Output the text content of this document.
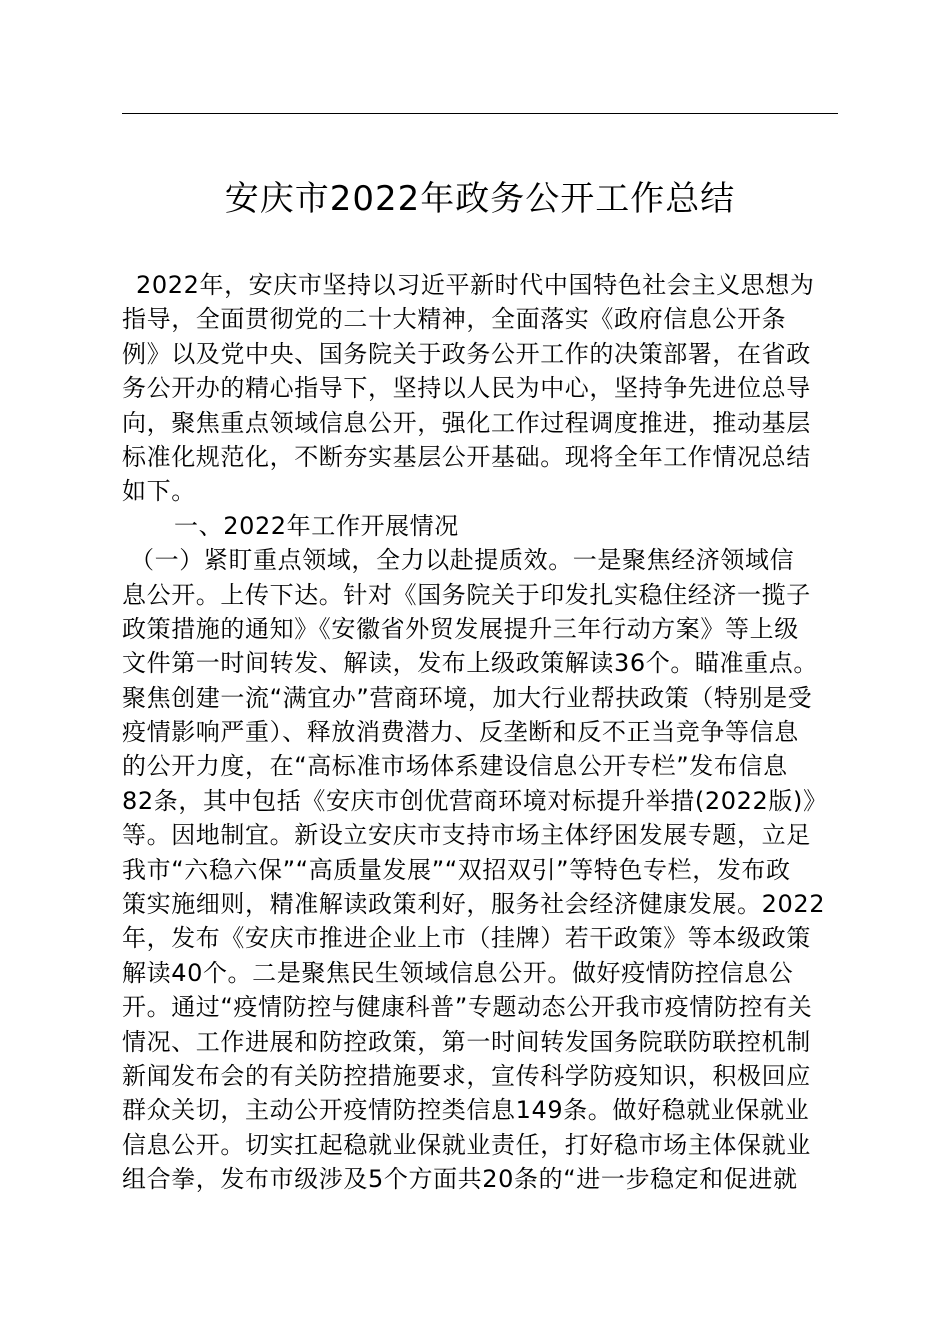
安庆市2022年政务公开工作总结
2022年，安庆市坚持以习近平新时代中国特色社会主义思想为
指导，全面贯彻党的二十大精神，全面落实《政府信息公开条
例》以及党中央、国务院关于政务公开工作的决策部署，在省政
务公开办的精心指导下，坚持以人民为中心，坚持争先进位总导
向，聚焦重点领域信息公开，强化工作过程调度推进，推动基层
标准化规范化，不断夯实基层公开基础。现将全年工作情况总结
如下。
一、2022年工作开展情况
（一）紧盯重点领域，全力以赴提质效。一是聚焦经济领域信
息公开。上传下达。针对《国务院关于印发扎实稳住经济一揽子
政策措施的通知》《安徽省外贸发展提升三年行动方案》等上级
文件第一时间转发、解读，发布上级政策解读36个。瞄准重点。
聚焦创建一流“满宜办”营商环境，加大行业帮扶政策（特别是受
疫情影响严重）、释放消费潜力、反垄断和反不正当竞争等信息
的公开力度，在“高标准市场体系建设信息公开专栏”发布信息
82条，其中包括《安庆市创优营商环境对标提升举措(2022版)》
等。因地制宜。新设立安庆市支持市场主体纾困发展专题，立足
我市“六稳六保”“高质量发展”“双招双引”等特色专栏，发布政
策实施细则，精准解读政策利好，服务社会经济健康发展。2022
年，发布《安庆市推进企业上市（挂牌）若干政策》等本级政策
解读40个。二是聚焦民生领域信息公开。做好疫情防控信息公
开。通过“疫情防控与健康科普”专题动态公开我市疫情防控有关
情况、工作进展和防控政策，第一时间转发国务院联防联控机制
新闻发布会的有关防控措施要求，宣传科学防疫知识，积极回应
群众关切，主动公开疫情防控类信息149条。做好稳就业保就业
信息公开。切实扛起稳就业保就业责任，打好稳市场主体保就业
组合拳，发布市级涉及5个方面共20条的“进一步稳定和促进就
